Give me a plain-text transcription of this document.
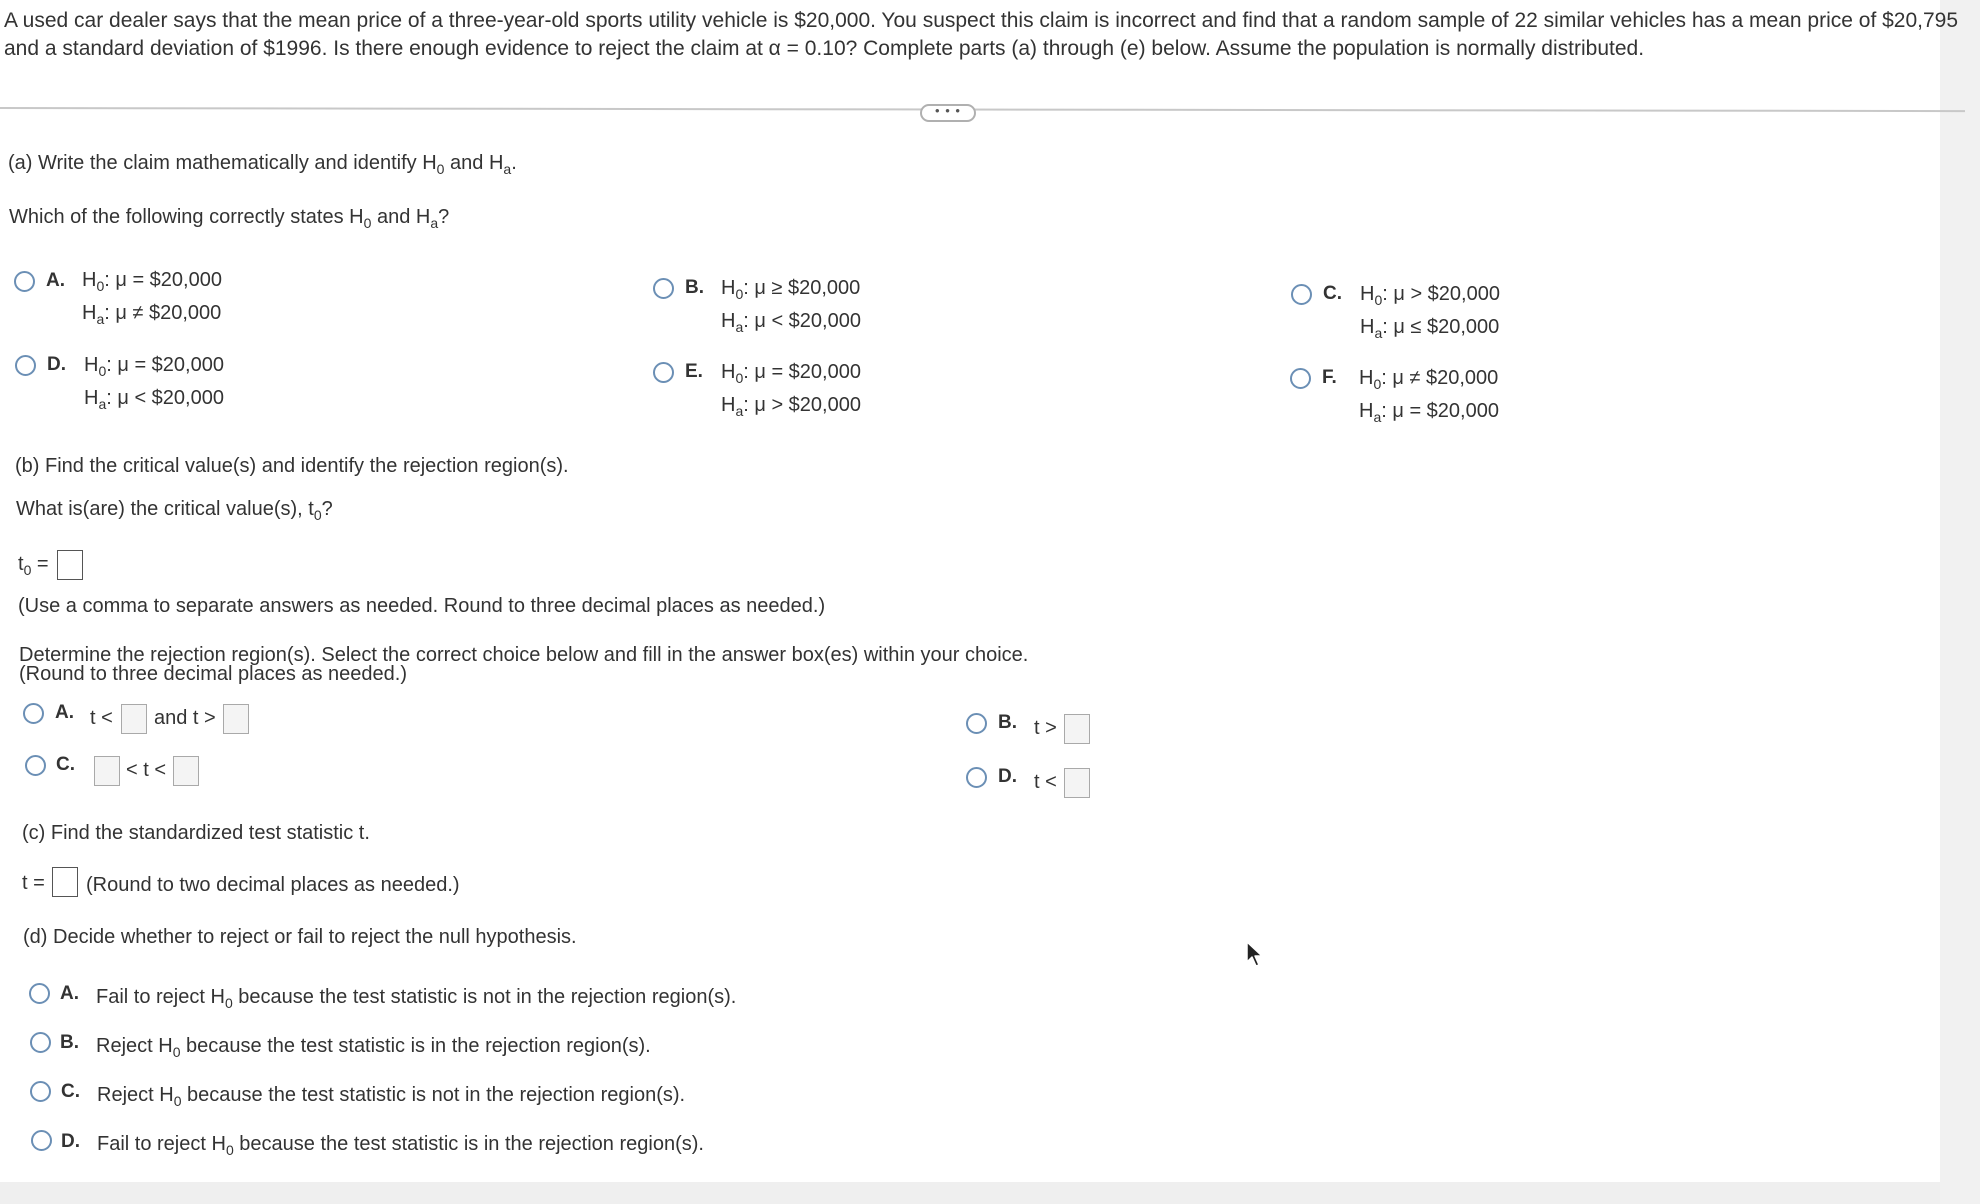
A used car dealer says that the mean price of a three-year-old sports utility vehicle is $20,000. You suspect this claim is incorrect and find that a random sample of 22 similar vehicles has a mean price of $20,795 and a standard deviation of $1996. Is there enough evidence to reject the claim at α = 0.10? Complete parts (a) through (e) below. Assume the population is normally distributed.
• • •
(a) Write the claim mathematically and identify $H_0$ and $H_a$.
Which of the following correctly states $H_0$ and $H_a$?
A. $H_0$: μ = $20,000
$H_a$: μ ≠ $20,000
B. $H_0$: μ ≥ $20,000
$H_a$: μ < $20,000
C. $H_0$: μ > $20,000
$H_a$: μ ≤ $20,000
D. $H_0$: μ = $20,000
$H_a$: μ < $20,000
E. $H_0$: μ = $20,000
$H_a$: μ > $20,000
F. $H_0$: μ ≠ $20,000
$H_a$: μ = $20,000
(b) Find the critical value(s) and identify the rejection region(s).
What is(are) the critical value(s), $t_0$?
$t_0$ =
(Use a comma to separate answers as needed. Round to three decimal places as needed.)
Determine the rejection region(s). Select the correct choice below and fill in the answer box(es) within your choice.
(Round to three decimal places as needed.)
A. t < and t >	B. t >
C.	< t <	D. t <
(c) Find the standardized test statistic t.
t = (Round to two decimal places as needed.)
(d) Decide whether to reject or fail to reject the null hypothesis.
A. Fail to reject $H_0$ because the test statistic is not in the rejection region(s).
B. Reject $H_0$ because the test statistic is in the rejection region(s).
C. Reject $H_0$ because the test statistic is not in the rejection region(s).
D. Fail to reject $H_0$ because the test statistic is in the rejection region(s).
